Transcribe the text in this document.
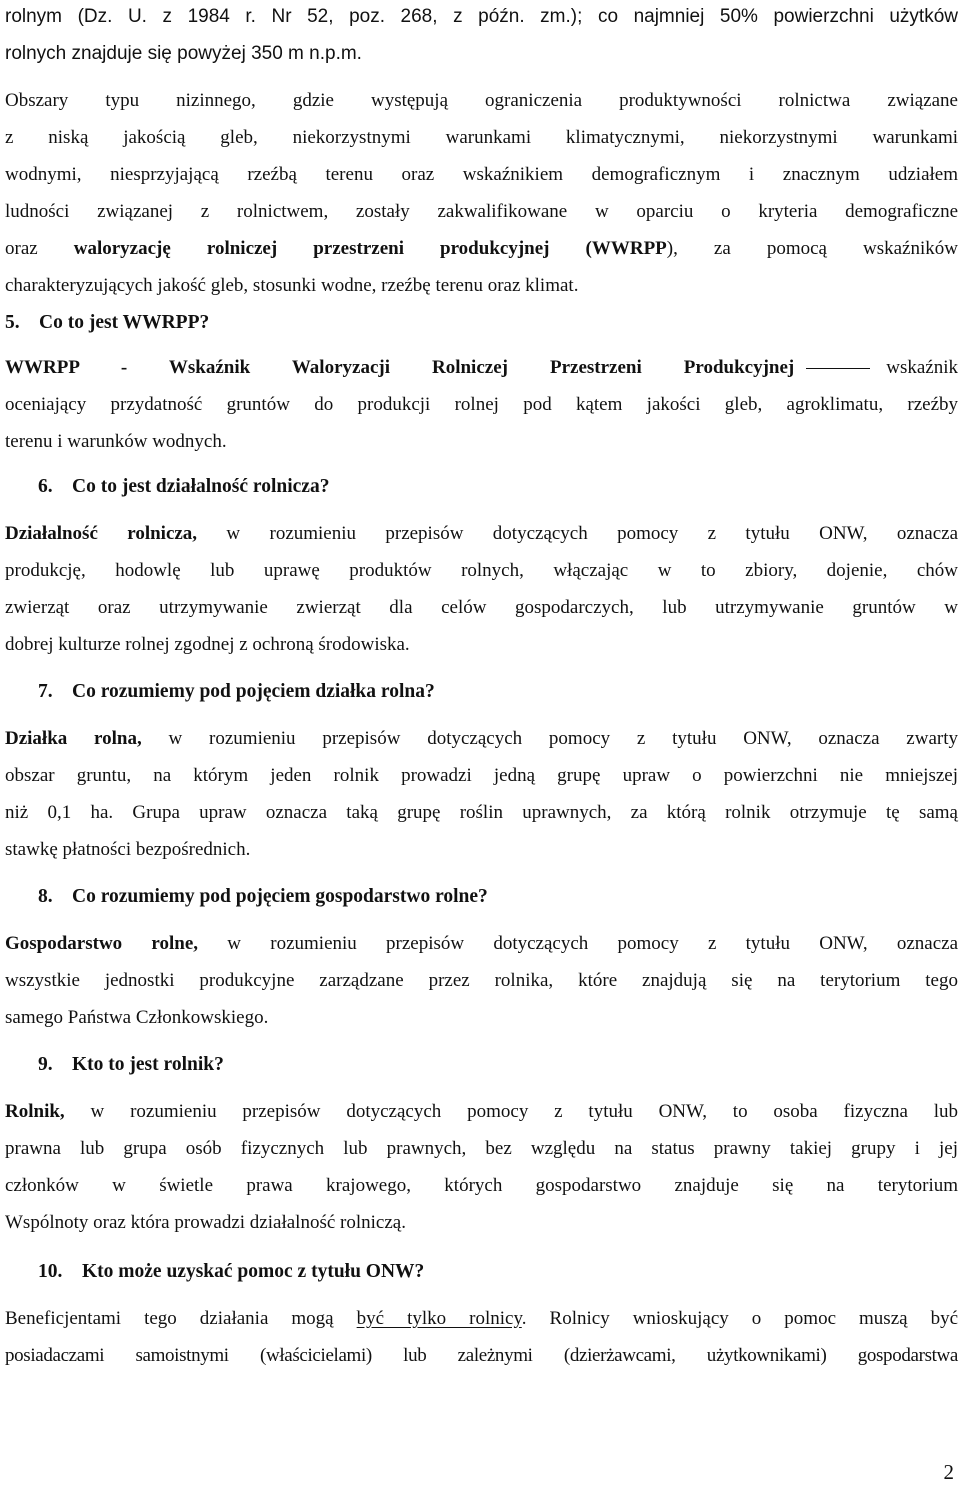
rolnym (Dz. U. z 1984 r. Nr 52, poz. 268, z późn. zm.); co najmniej 50% powierzchni użytków
rolnych znajduje się powyżej 350 m n.p.m.
Obszary typu nizinnego, gdzie występują ograniczenia produktywności rolnictwa związane
z niską jakością gleb, niekorzystnymi warunkami klimatycznymi, niekorzystnymi warunkami
wodnymi, niesprzyjającą rzeźbą terenu oraz wskaźnikiem demograficznym i znacznym udziałem
ludności związanej z rolnictwem, zostały zakwalifikowane w oparciu o kryteria demograficzne
oraz waloryzację rolniczej przestrzeni produkcyjnej (WWRPP), za pomocą wskaźników
charakteryzujących jakość gleb, stosunki wodne, rzeźbę terenu oraz klimat.
5. Co to jest WWRPP?
WWRPP - Wskaźnik Waloryzacji Rolniczej Przestrzeni Produkcyjnej	wskaźnik
oceniający przydatność gruntów do produkcji rolnej pod kątem jakości gleb, agroklimatu, rzeźby
terenu i warunków wodnych.
6. Co to jest działalność rolnicza?
Działalność rolnicza, w rozumieniu przepisów dotyczących pomocy z tytułu ONW, oznacza
produkcję, hodowlę lub uprawę produktów rolnych, włączając w to zbiory, dojenie, chów
zwierząt oraz utrzymywanie zwierząt dla celów gospodarczych, lub utrzymywanie gruntów w
dobrej kulturze rolnej zgodnej z ochroną środowiska.
7. Co rozumiemy pod pojęciem działka rolna?
Działka rolna, w rozumieniu przepisów dotyczących pomocy z tytułu ONW, oznacza zwarty
obszar gruntu, na którym jeden rolnik prowadzi jedną grupę upraw o powierzchni nie mniejszej
niż 0,1 ha. Grupa upraw oznacza taką grupę roślin uprawnych, za którą rolnik otrzymuje tę samą
stawkę płatności bezpośrednich.
8. Co rozumiemy pod pojęciem gospodarstwo rolne?
Gospodarstwo rolne, w rozumieniu przepisów dotyczących pomocy z tytułu ONW, oznacza
wszystkie jednostki produkcyjne zarządzane przez rolnika, które znajdują się na terytorium tego
samego Państwa Członkowskiego.
9. Kto to jest rolnik?
Rolnik, w rozumieniu przepisów dotyczących pomocy z tytułu ONW, to osoba fizyczna lub
prawna lub grupa osób fizycznych lub prawnych, bez względu na status prawny takiej grupy i jej
członków w świetle prawa krajowego, których gospodarstwo znajduje się na terytorium
Wspólnoty oraz która prowadzi działalność rolniczą.
10. Kto może uzyskać pomoc z tytułu ONW?
Beneficjentami tego działania mogą być tylko rolnicy. Rolnicy wnioskujący o pomoc muszą być
posiadaczami samoistnymi (właścicielami) lub zależnymi (dzierżawcami, użytkownikami) gospodarstwa
2
